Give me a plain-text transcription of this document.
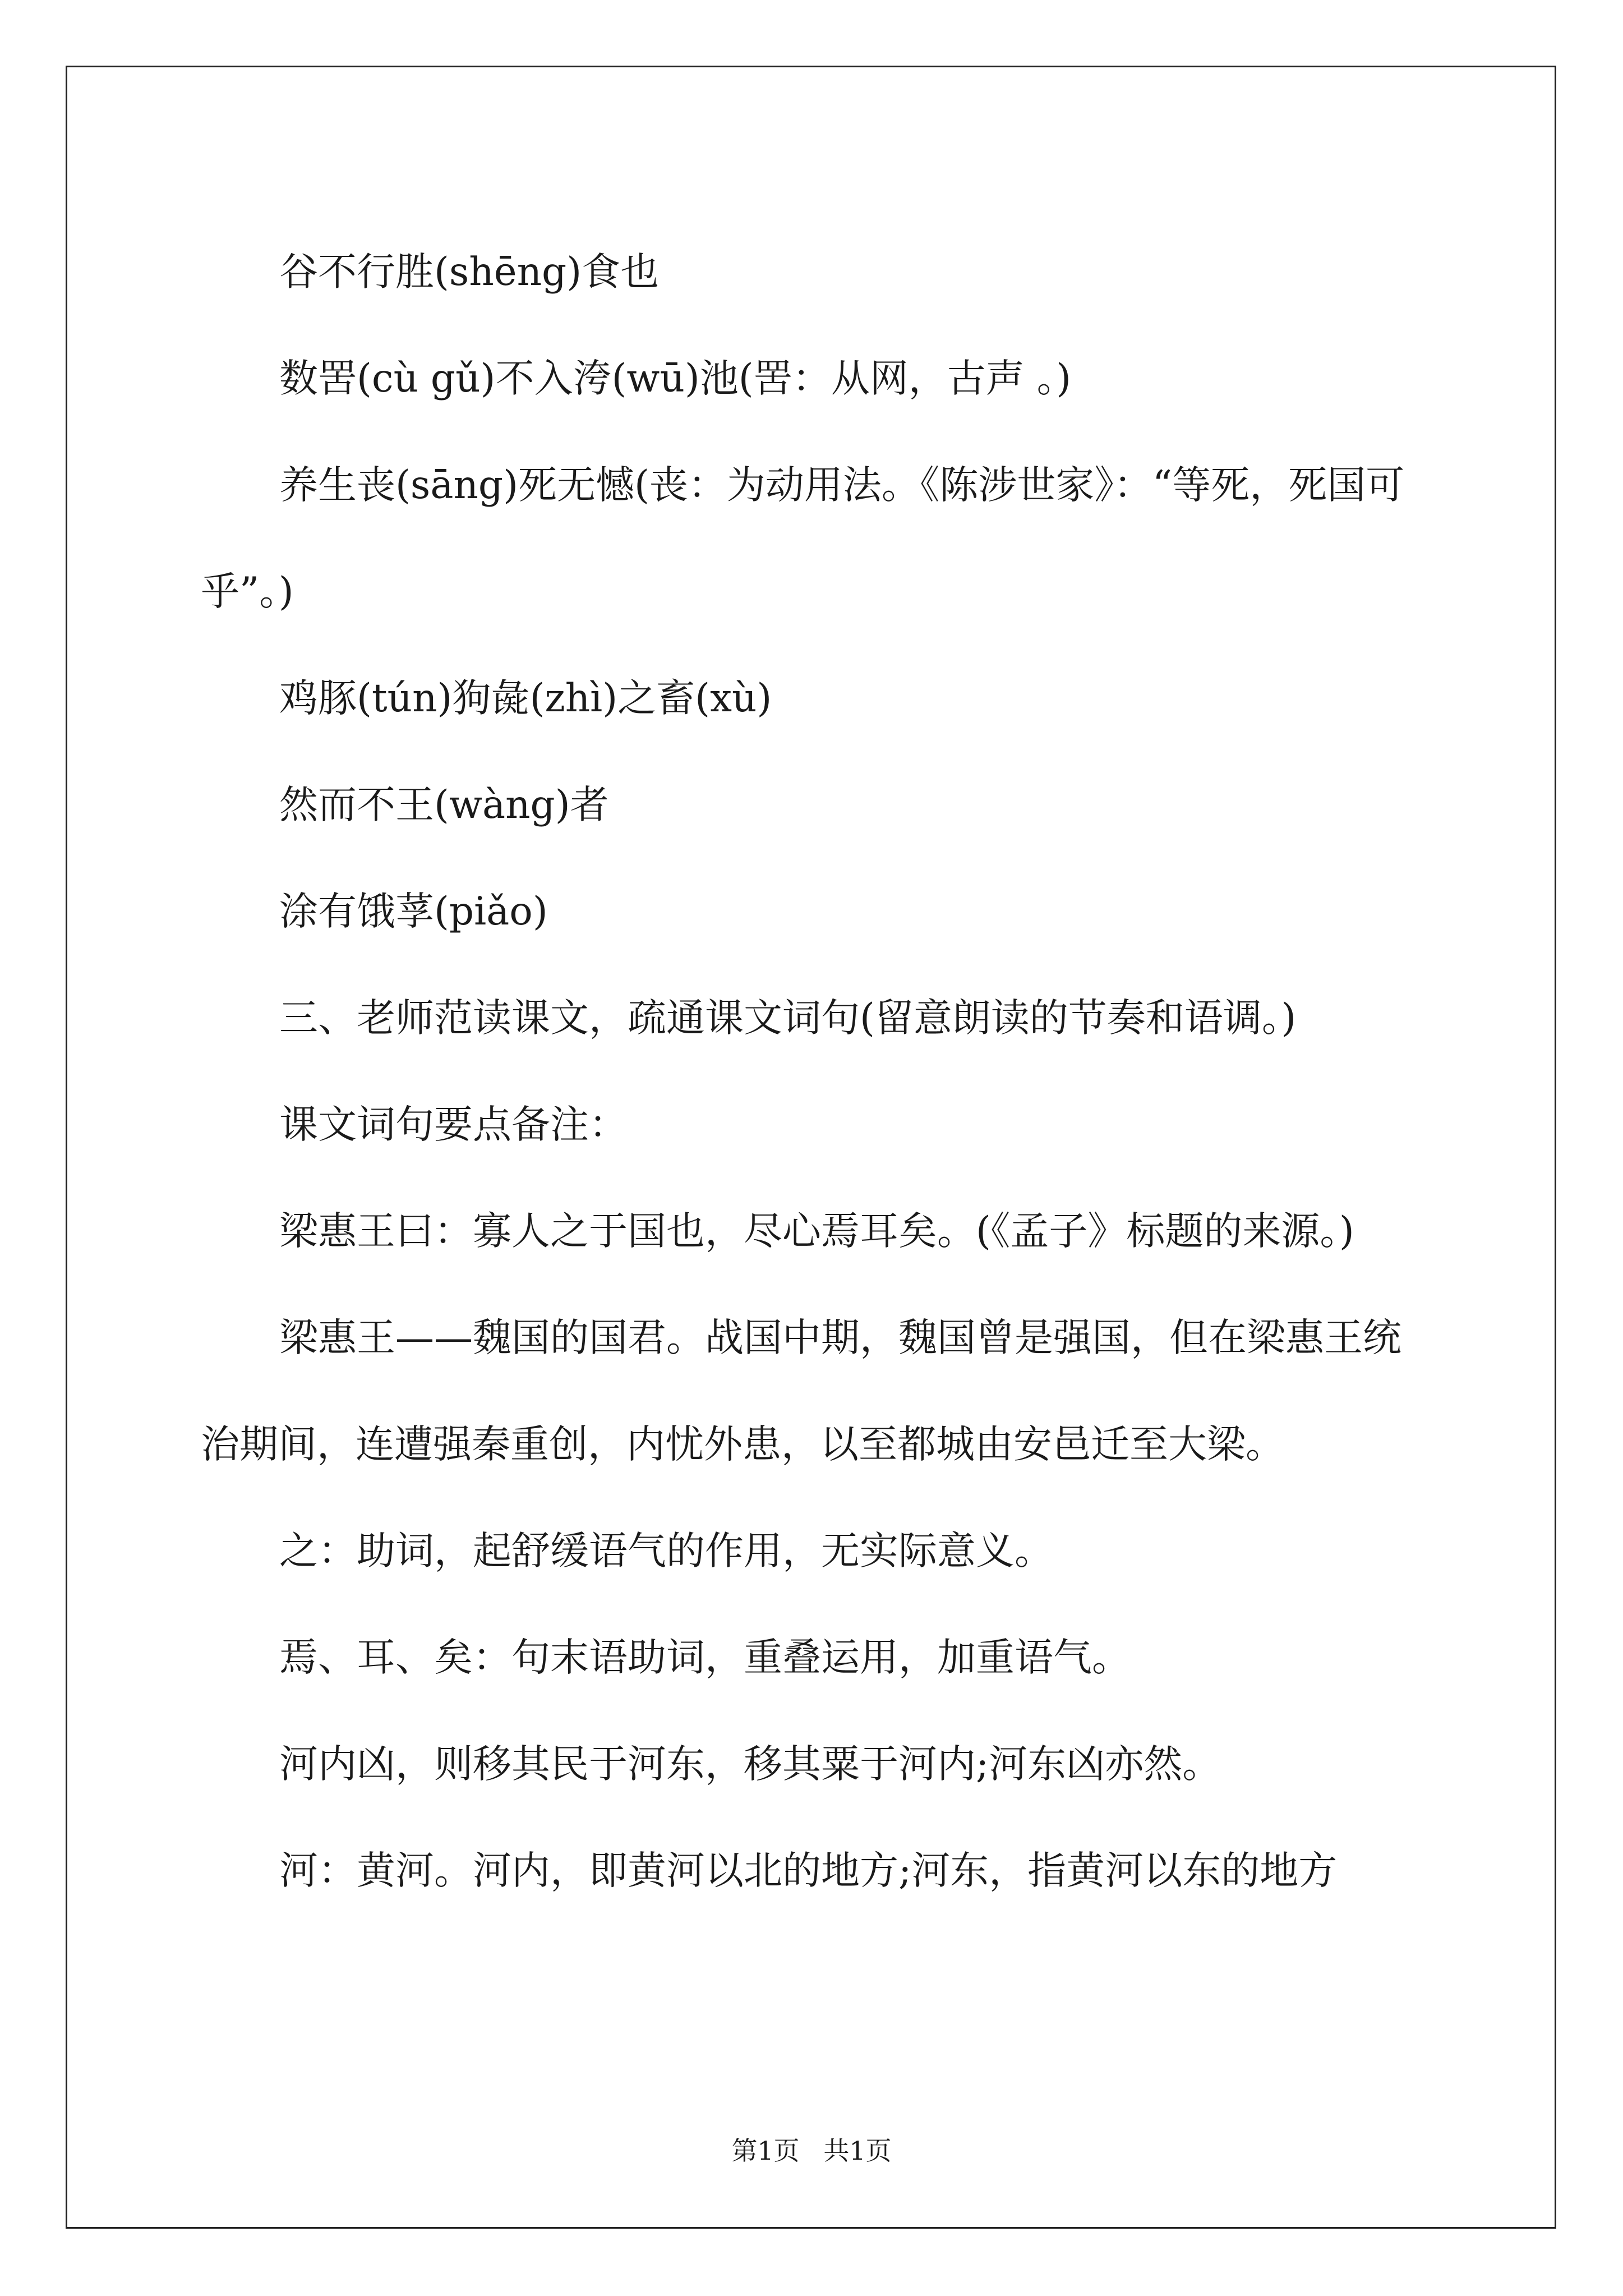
谷不行胜(shēng)食也

数罟(cù gǔ)不入洿(wū)池(罟：从网，古声 。)

养生丧(sāng)死无憾(丧：为动用法。《陈涉世家》：“等死，死国可乎”。)

鸡豚(tún)狗彘(zhì)之畜(xù)

然而不王(wàng)者

涂有饿莩(piǎo)

三、老师范读课文，疏通课文词句(留意朗读的节奏和语调。)

课文词句要点备注：

梁惠王曰：寡人之于国也，尽心焉耳矣。(《孟子》标题的来源。)

梁惠王——魏国的国君。战国中期，魏国曾是强国，但在梁惠王统治期间，连遭强秦重创，内忧外患，以至都城由安邑迁至大梁。

之：助词，起舒缓语气的作用，无实际意义。

焉、耳、矣：句末语助词，重叠运用，加重语气。

河内凶，则移其民于河东，移其粟于河内;河东凶亦然。

河：黄河。河内，即黄河以北的地方;河东，指黄河以东的地方

第1页 共1页
